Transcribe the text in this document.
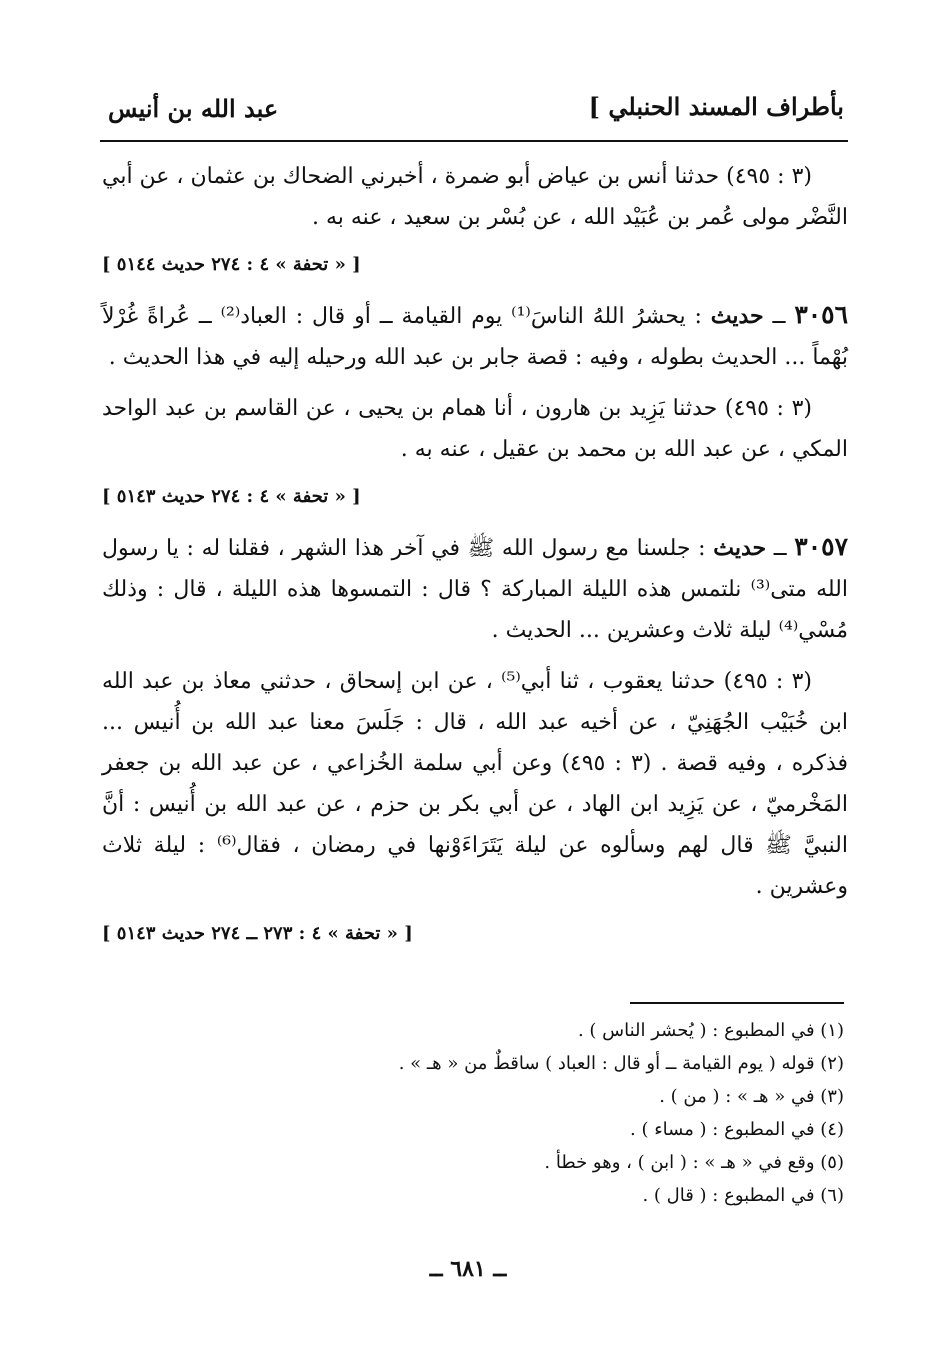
بأطراف المسند الحنبلي ]
عبد الله بن أنيس

(٣ : ٤٩٥) حدثنا أنس بن عياض أبو ضمرة ، أخبرني الضحاك بن عثمان ، عن أبي النَّضْر مولى عُمر بن عُبَيْد الله ، عن بُسْر بن سعيد ، عنه به .

[ « تحفة » ٤ : ٢٧٤ حديث ٥١٤٤ ]

٣٠٥٦ ــ حديث : يحشرُ اللهُ الناسَ⁽¹⁾ يوم القيامة ــ أو قال : العباد⁽²⁾ ــ عُراةً غُرْلاً بُهْماً ... الحديث بطوله ، وفيه : قصة جابر بن عبد الله ورحيله إليه في هذا الحديث .

(٣ : ٤٩٥) حدثنا يَزِيد بن هارون ، أنا همام بن يحيى ، عن القاسم بن عبد الواحد المكي ، عن عبد الله بن محمد بن عقيل ، عنه به .

[ « تحفة » ٤ : ٢٧٤ حديث ٥١٤٣ ]

٣٠٥٧ ــ حديث : جلسنا مع رسول الله ﷺ في آخر هذا الشهر ، فقلنا له : يا رسول الله متى⁽³⁾ نلتمس هذه الليلة المباركة ؟ قال : التمسوها هذه الليلة ، قال : وذلك مُسْي⁽⁴⁾ ليلة ثلاث وعشرين ... الحديث .

(٣ : ٤٩٥) حدثنا يعقوب ، ثنا أبي⁽⁵⁾ ، عن ابن إسحاق ، حدثني معاذ بن عبد الله ابن خُبَيْب الجُهَنِيّ ، عن أخيه عبد الله ، قال : جَلَسَ معنا عبد الله بن أُنيس ... فذكره ، وفيه قصة . (٣ : ٤٩٥) وعن أبي سلمة الخُزاعي ، عن عبد الله بن جعفر المَخْرميّ ، عن يَزِيد ابن الهاد ، عن أبي بكر بن حزم ، عن عبد الله بن أُنيس : أنَّ النبيَّ ﷺ قال لهم وسألوه عن ليلة يَتَرَاءَوْنها في رمضان ، فقال⁽⁶⁾ : ليلة ثلاث وعشرين .

[ « تحفة » ٤ : ٢٧٣ ــ ٢٧٤ حديث ٥١٤٣ ]

(١) في المطبوع : ( يُحشر الناس ) .

(٢) قوله ( يوم القيامة ــ أو قال : العباد ) ساقطٌ من « هـ » .

(٣) في « هـ » : ( من ) .

(٤) في المطبوع : ( مساء ) .

(٥) وقع في « هـ » : ( ابن ) ، وهو خطأ .

(٦) في المطبوع : ( قال ) .

ــ ٦٨١ ــ
